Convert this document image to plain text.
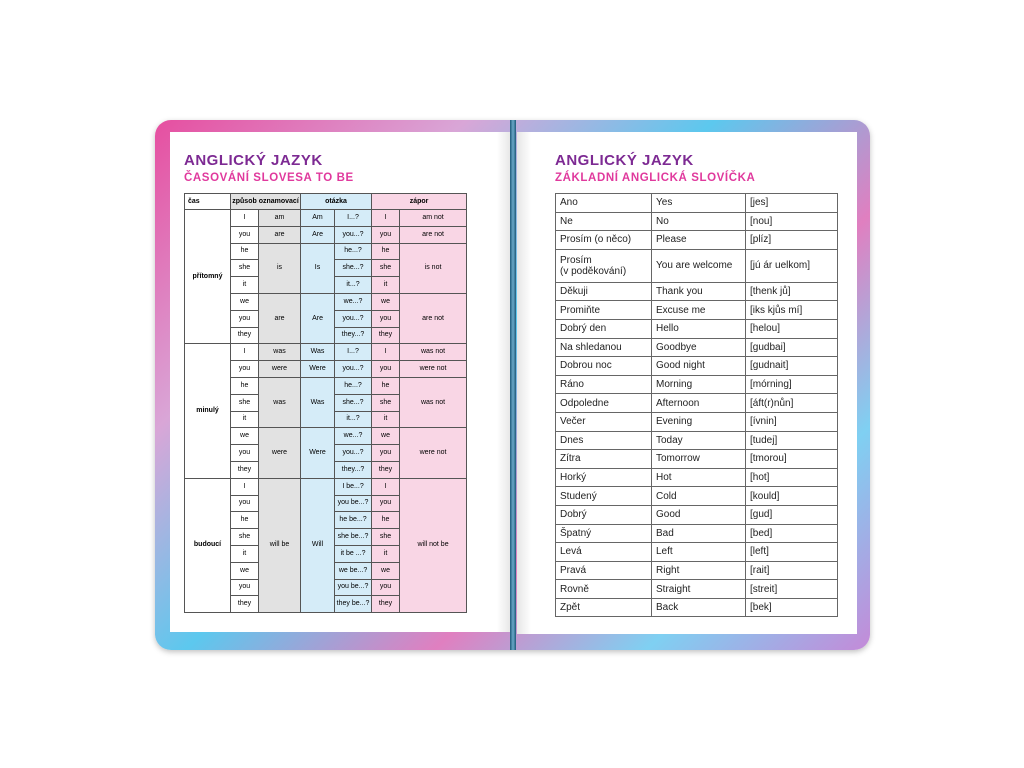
ANGLICKÝ JAZYK
ČASOVÁNÍ SLOVESA TO BE
čas	způsob oznamovací		otázka		zápor	
přítomný	I	am	Am	I...?	I	am not
	you	are	Are	you...?	you	are not
	he	is	Is	he...?	he	is not
	she			she...?	she	
	it			it...?	it	
	we	are	Are	we...?	we	are not
	you			you...?	you	
	they			they...?	they	
minulý	I	was	Was	I...?	I	was not
	you	were	Were	you...?	you	were not
	he	was	Was	he...?	he	was not
	she			she...?	she	
	it			it...?	it	
	we	were	Were	we...?	we	were not
	you			you...?	you	
	they			they...?	they	
budoucí	I	will be	Will	I be...?	I	will not be
	you			you be...?	you	
	he			he be...?	he	
	she			she be...?	she	
	it			it be ...?	it	
	we			we be...?	we	
	you			you be...?	you	
	they			they be...?	they	
ANGLICKÝ JAZYK
ZÁKLADNÍ ANGLICKÁ SLOVÍČKA
Ano	Yes	[jes]
Ne	No	[nou]
Prosím (o něco)	Please	[plíz]
Prosím
(v poděkování)	You are welcome	[jú ár uelkom]
Děkuji	Thank you	[thenk jů]
Promiňte	Excuse me	[iks kjůs mí]
Dobrý den	Hello	[helou]
Na shledanou	Goodbye	[gudbai]
Dobrou noc	Good night	[gudnait]
Ráno	Morning	[mórning]
Odpoledne	Afternoon	[áft(r)nůn]
Večer	Evening	[ívnin]
Dnes	Today	[tudej]
Zítra	Tomorrow	[tmorou]
Horký	Hot	[hot]
Studený	Cold	[kould]
Dobrý	Good	[gud]
Špatný	Bad	[bed]
Levá	Left	[left]
Pravá	Right	[rait]
Rovně	Straight	[streit]
Zpět	Back	[bek]
